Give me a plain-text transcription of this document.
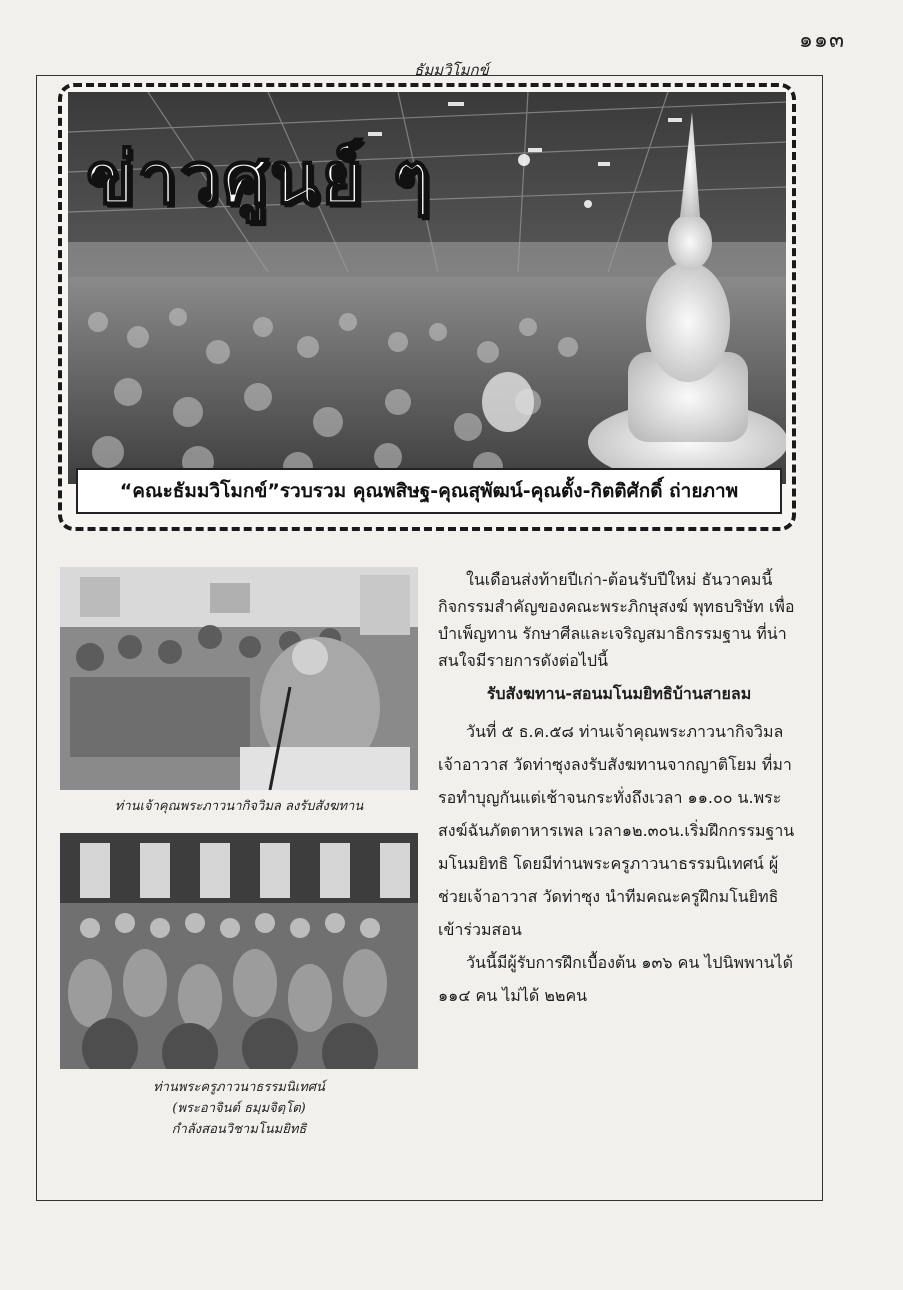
๑๑๓
ธัมมวิโมกข์
ข่าวศูนย์ ๆ
“คณะธัมมวิโมกข์”รวบรวม คุณพสิษฐ-คุณสุพัฒน์-คุณตั้ง-กิตติศักดิ์ ถ่ายภาพ
ท่านเจ้าคุณพระภาวนากิจวิมล ลงรับสังฆทาน
ท่านพระครูภาวนาธรรมนิเทศน์
(พระอาจินต์ ธมฺมจิตฺโต)
กำลังสอนวิชามโนมยิทธิ

ในเดือนส่งท้ายปีเก่า-ต้อนรับปีใหม่ ธันวาคมนี้ กิจกรรมสำคัญของคณะพระภิกษุสงฆ์ พุทธบริษัท เพื่อบำเพ็ญทาน รักษาศีลและเจริญสมาธิกรรมฐาน ที่น่าสนใจมีรายการดังต่อไปนี้

รับสังฆทาน-สอนมโนมยิทธิบ้านสายลม

วันที่ ๕ ธ.ค.๕๘ ท่านเจ้าคุณพระภาวนากิจวิมล เจ้าอาวาส วัดท่าซุงลงรับสังฆทานจากญาติโยม ที่มารอทำบุญกันแต่เช้าจนกระทั่งถึงเวลา ๑๑.๐๐ น.พระสงฆ์ฉันภัตตาหารเพล เวลา๑๒.๓๐น.เริ่มฝึกกรรมฐานมโนมยิทธิ โดยมีท่านพระครูภาวนาธรรมนิเทศน์ ผู้ช่วยเจ้าอาวาส วัดท่าซุง นำทีมคณะครูฝึกมโนยิทธิเข้าร่วมสอน

วันนี้มีผู้รับการฝึกเบื้องต้น ๑๓๖ คน ไปนิพพานได้ ๑๑๔ คน ไม่ได้ ๒๒คน
